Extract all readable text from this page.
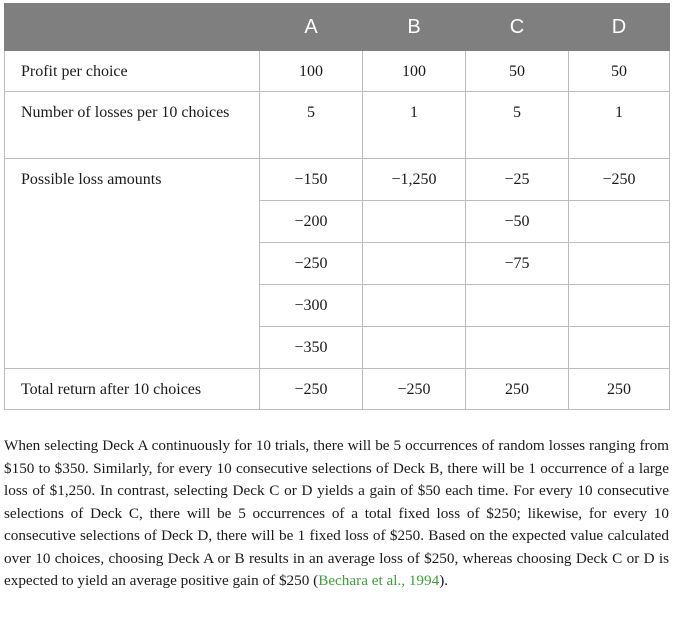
	A	B	C	D
Profit per choice	100	100	50	50
Number of losses per 10 choices	5	1	5	1
Possible loss amounts	−150	−1,250	−25	−250
	−200		−50	
	−250		−75	
	−300			
	−350			
Total return after 10 choices	−250	−250	250	250

When selecting Deck A continuously for 10 trials, there will be 5 occurrences of random losses ranging from $150 to $350. Similarly, for every 10 consecutive selections of Deck B, there will be 1 occurrence of a large loss of $1,250. In contrast, selecting Deck C or D yields a gain of $50 each time. For every 10 consecutive selections of Deck C, there will be 5 occurrences of a total fixed loss of $250; likewise, for every 10 consecutive selections of Deck D, there will be 1 fixed loss of $250. Based on the expected value calculated over 10 choices, choosing Deck A or B results in an average loss of $250, whereas choosing Deck C or D is expected to yield an average positive gain of $250 (Bechara et al., 1994).
